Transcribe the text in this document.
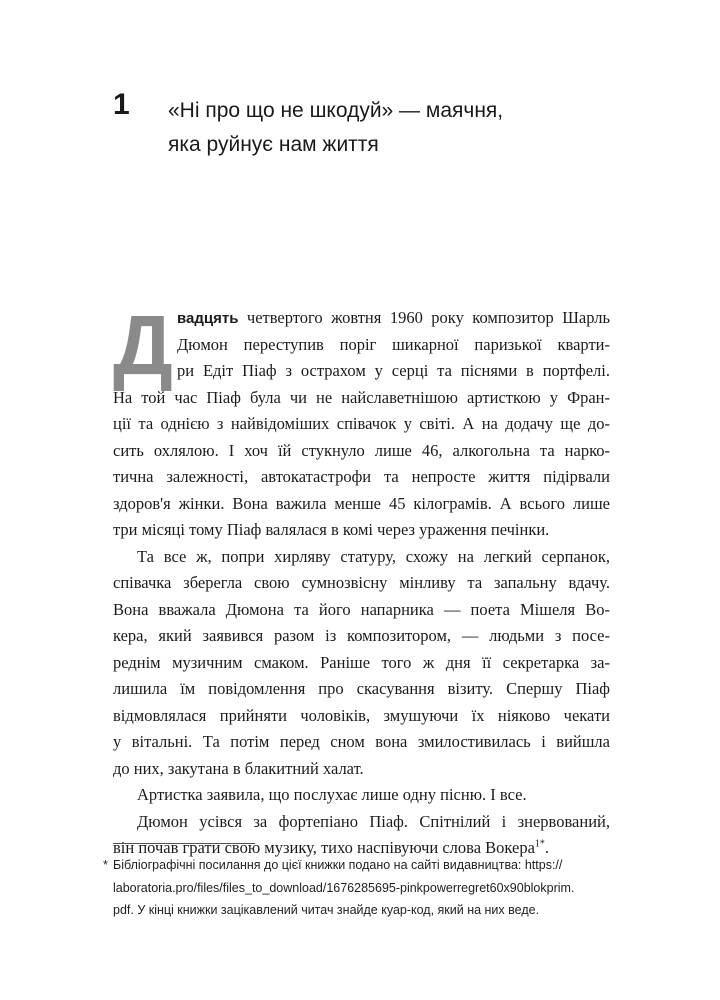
1 «Ні про що не шкодуй» — маячня,
яка руйнує нам життя
Д вадцять четвертого жовтня 1960 року композитор Шарль
Дюмон переступив поріг шикарної паризької кварти-
ри Едіт Піаф з острахом у серці та піснями в портфелі.
На той час Піаф була чи не найславетнішою артисткою у Фран-
ції та однією з найвідоміших співачок у світі. А на додачу ще до-
сить охлялою. І хоч їй стукнуло лише 46, алкогольна та нарко-
тична залежності, автокатастрофи та непросте життя підірвали
здоров'я жінки. Вона важила менше 45 кілограмів. А всього лише
три місяці тому Піаф валялася в комі через ураження печінки.
Та все ж, попри хирляву статуру, схожу на легкий серпанок,
співачка зберегла свою сумнозвісну мінливу та запальну вдачу.
Вона вважала Дюмона та його напарника — поета Мішеля Во-
кера, який заявився разом із композитором, — людьми з посе-
реднім музичним смаком. Раніше того ж дня її секретарка за-
лишила їм повідомлення про скасування візиту. Спершу Піаф
відмовлялася прийняти чоловіків, змушуючи їх ніяково чекати
у вітальні. Та потім перед сном вона змилостивилась і вийшла
до них, закутана в блакитний халат.
Артистка заявила, що послухає лише одну пісню. І все.
Дюмон усівся за фортепіано Піаф. Спітнілий і знервований,
він почав грати свою музику, тихо наспівуючи слова Вокера$^{1*}$.
* Бібліографічні посилання до цієї книжки подано на сайті видавництва: https://
laboratoria.pro/files/files_to_download/1676285695-pinkpowerregret60x90blokprim.
pdf. У кінці книжки зацікавлений читач знайде куар-код, який на них веде.
